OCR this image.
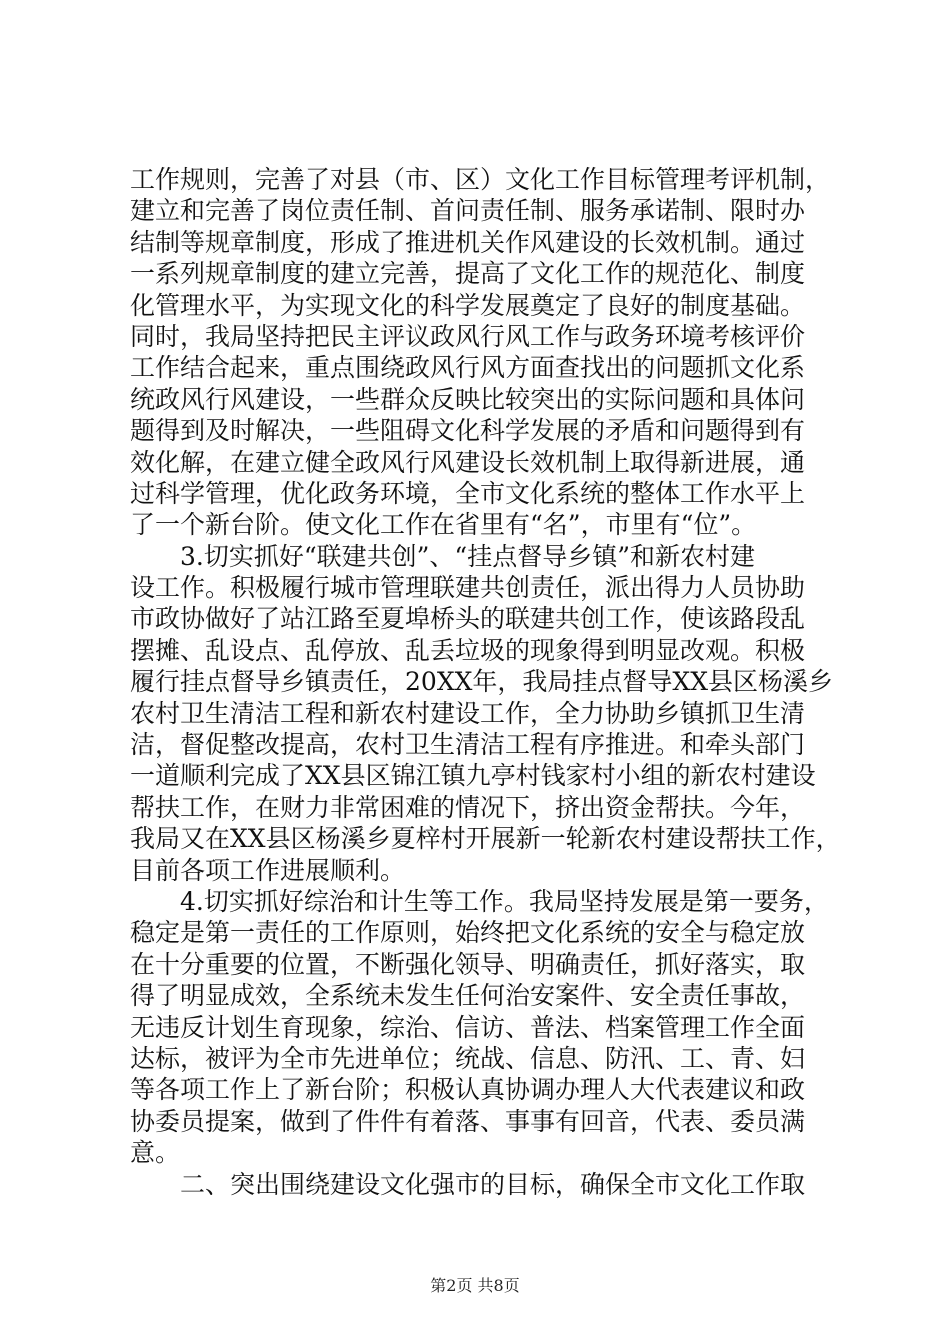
工作规则，完善了对县（市、区）文化工作目标管理考评机制，
建立和完善了岗位责任制、首问责任制、服务承诺制、限时办
结制等规章制度，形成了推进机关作风建设的长效机制。通过
一系列规章制度的建立完善，提高了文化工作的规范化、制度
化管理水平，为实现文化的科学发展奠定了良好的制度基础。
同时，我局坚持把民主评议政风行风工作与政务环境考核评价
工作结合起来，重点围绕政风行风方面查找出的问题抓文化系
统政风行风建设，一些群众反映比较突出的实际问题和具体问
题得到及时解决，一些阻碍文化科学发展的矛盾和问题得到有
效化解，在建立健全政风行风建设长效机制上取得新进展，通
过科学管理，优化政务环境，全市文化系统的整体工作水平上
了一个新台阶。使文化工作在省里有“名”，市里有“位”。
　　3.切实抓好“联建共创”、“挂点督导乡镇”和新农村建
设工作。积极履行城市管理联建共创责任，派出得力人员协助
市政协做好了站江路至夏埠桥头的联建共创工作，使该路段乱
摆摊、乱设点、乱停放、乱丢垃圾的现象得到明显改观。积极
履行挂点督导乡镇责任，20XX年，我局挂点督导XX县区杨溪乡
农村卫生清洁工程和新农村建设工作，全力协助乡镇抓卫生清
洁，督促整改提高，农村卫生清洁工程有序推进。和牵头部门
一道顺利完成了XX县区锦江镇九亭村钱家村小组的新农村建设
帮扶工作，在财力非常困难的情况下，挤出资金帮扶。今年，
我局又在XX县区杨溪乡夏梓村开展新一轮新农村建设帮扶工作，
目前各项工作进展顺利。
　　4.切实抓好综治和计生等工作。我局坚持发展是第一要务，
稳定是第一责任的工作原则，始终把文化系统的安全与稳定放
在十分重要的位置，不断强化领导、明确责任，抓好落实，取
得了明显成效，全系统未发生任何治安案件、安全责任事故，
无违反计划生育现象，综治、信访、普法、档案管理工作全面
达标，被评为全市先进单位；统战、信息、防汛、工、青、妇
等各项工作上了新台阶；积极认真协调办理人大代表建议和政
协委员提案，做到了件件有着落、事事有回音，代表、委员满
意。
　　二、突出围绕建设文化强市的目标，确保全市文化工作取
第2页 共8页
